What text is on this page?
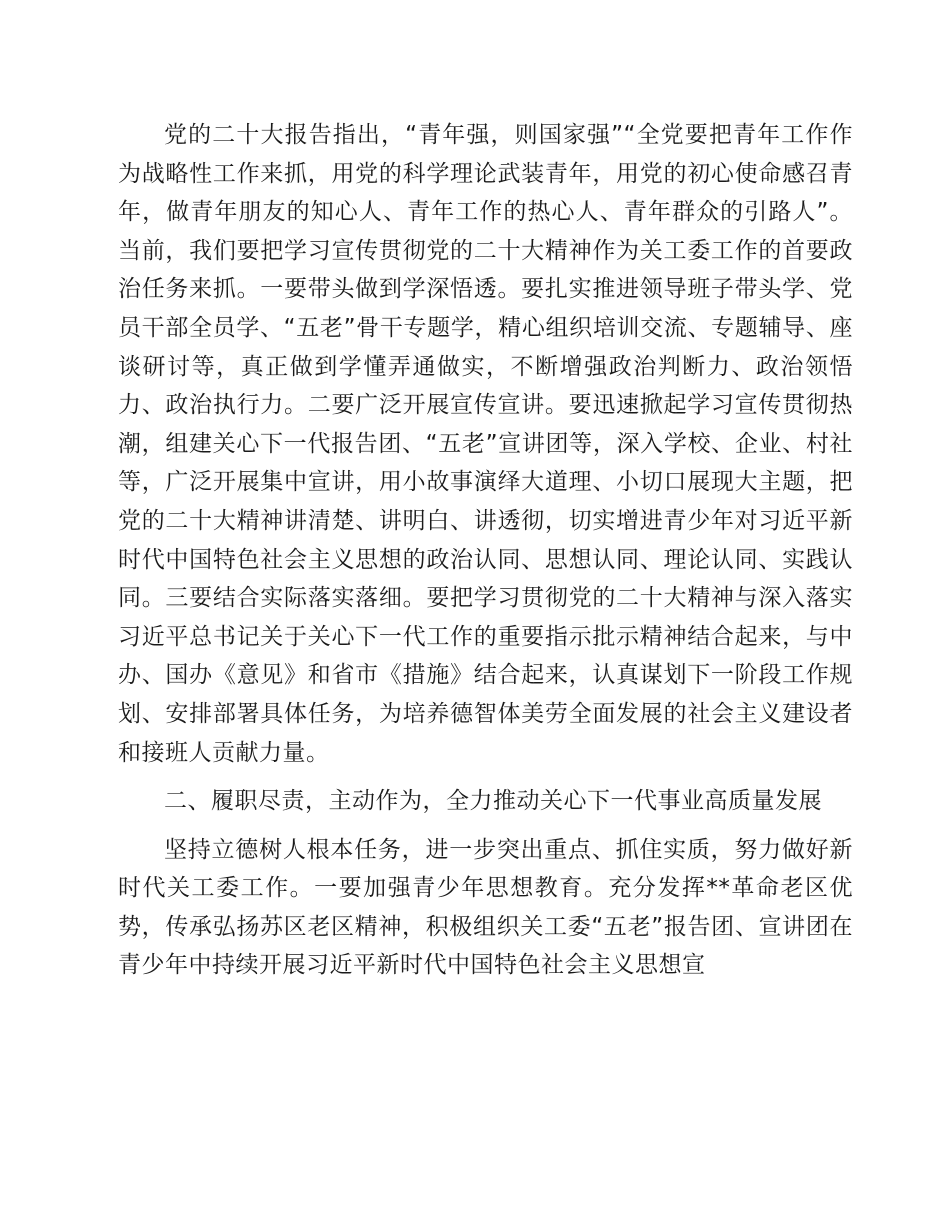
党的二十大报告指出，“青年强，则国家强”“全党要把青年工作作为战略性工作来抓，用党的科学理论武装青年，用党的初心使命感召青年，做青年朋友的知心人、青年工作的热心人、青年群众的引路人”。当前，我们要把学习宣传贯彻党的二十大精神作为关工委工作的首要政治任务来抓。一要带头做到学深悟透。要扎实推进领导班子带头学、党员干部全员学、“五老”骨干专题学，精心组织培训交流、专题辅导、座谈研讨等，真正做到学懂弄通做实，不断增强政治判断力、政治领悟力、政治执行力。二要广泛开展宣传宣讲。要迅速掀起学习宣传贯彻热潮，组建关心下一代报告团、“五老”宣讲团等，深入学校、企业、村社等，广泛开展集中宣讲，用小故事演绎大道理、小切口展现大主题，把党的二十大精神讲清楚、讲明白、讲透彻，切实增进青少年对习近平新时代中国特色社会主义思想的政治认同、思想认同、理论认同、实践认同。三要结合实际落实落细。要把学习贯彻党的二十大精神与深入落实习近平总书记关于关心下一代工作的重要指示批示精神结合起来，与中办、国办《意见》和省市《措施》结合起来，认真谋划下一阶段工作规划、安排部署具体任务，为培养德智体美劳全面发展的社会主义建设者和接班人贡献力量。

二、履职尽责，主动作为，全力推动关心下一代事业高质量发展

坚持立德树人根本任务，进一步突出重点、抓住实质，努力做好新时代关工委工作。一要加强青少年思想教育。充分发挥**革命老区优势，传承弘扬苏区老区精神，积极组织关工委“五老”报告团、宣讲团在青少年中持续开展习近平新时代中国特色社会主义思想宣
